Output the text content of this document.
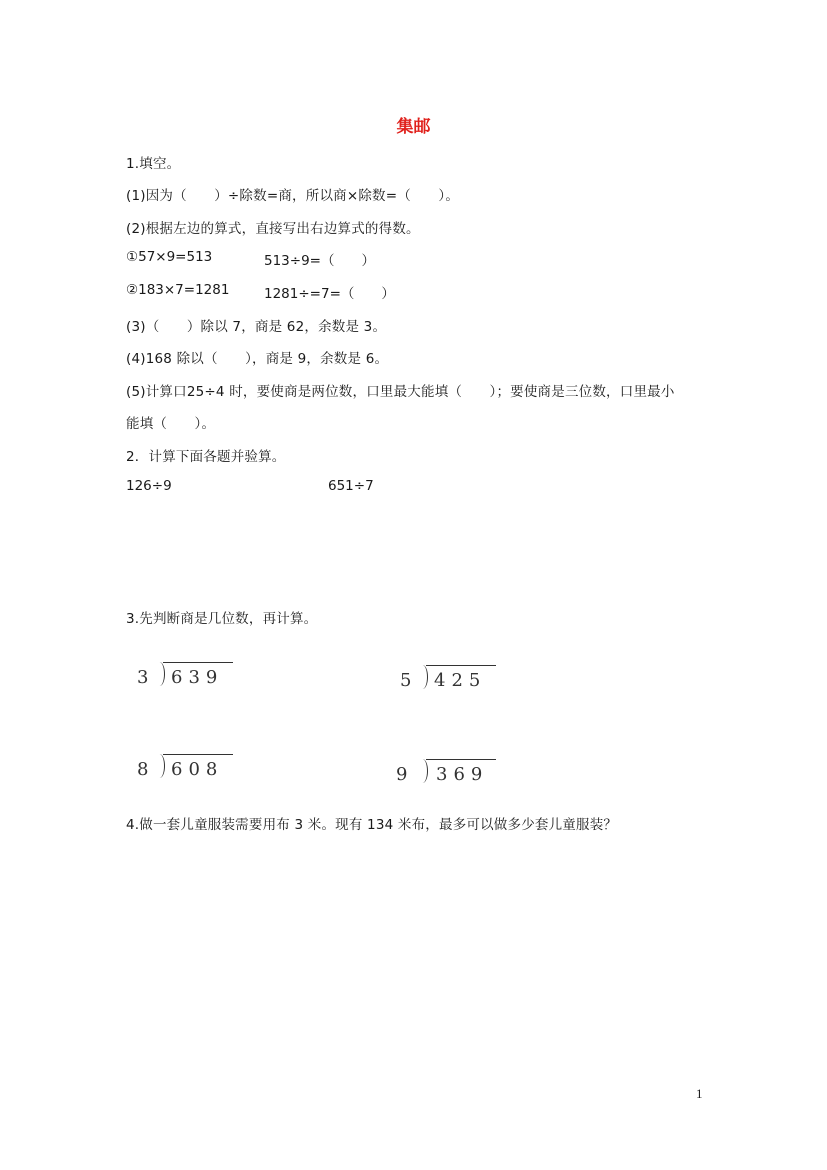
集邮
1.填空。
(1)因为（　　）÷除数=商，所以商×除数=（　　）。
(2)根据左边的算式，直接写出右边算式的得数。
①57×9=513	513÷9=（　　）
②183×7=1281	1281÷=7=（　　）
(3)（　　）除以 7，商是 62，余数是 3。
(4)168 除以（　　），商是 9，余数是 6。
(5)计算口25÷4 时，要使商是两位数，口里最大能填（　　）；要使商是三位数，口里最小
能填（　　）。
2．计算下面各题并验算。
126÷9	651÷7
3.先判断商是几位数，再计算。
3 639	5 425
8 608	9 369
4.做一套儿童服装需要用布 3 米。现有 134 米布，最多可以做多少套儿童服装？
1
